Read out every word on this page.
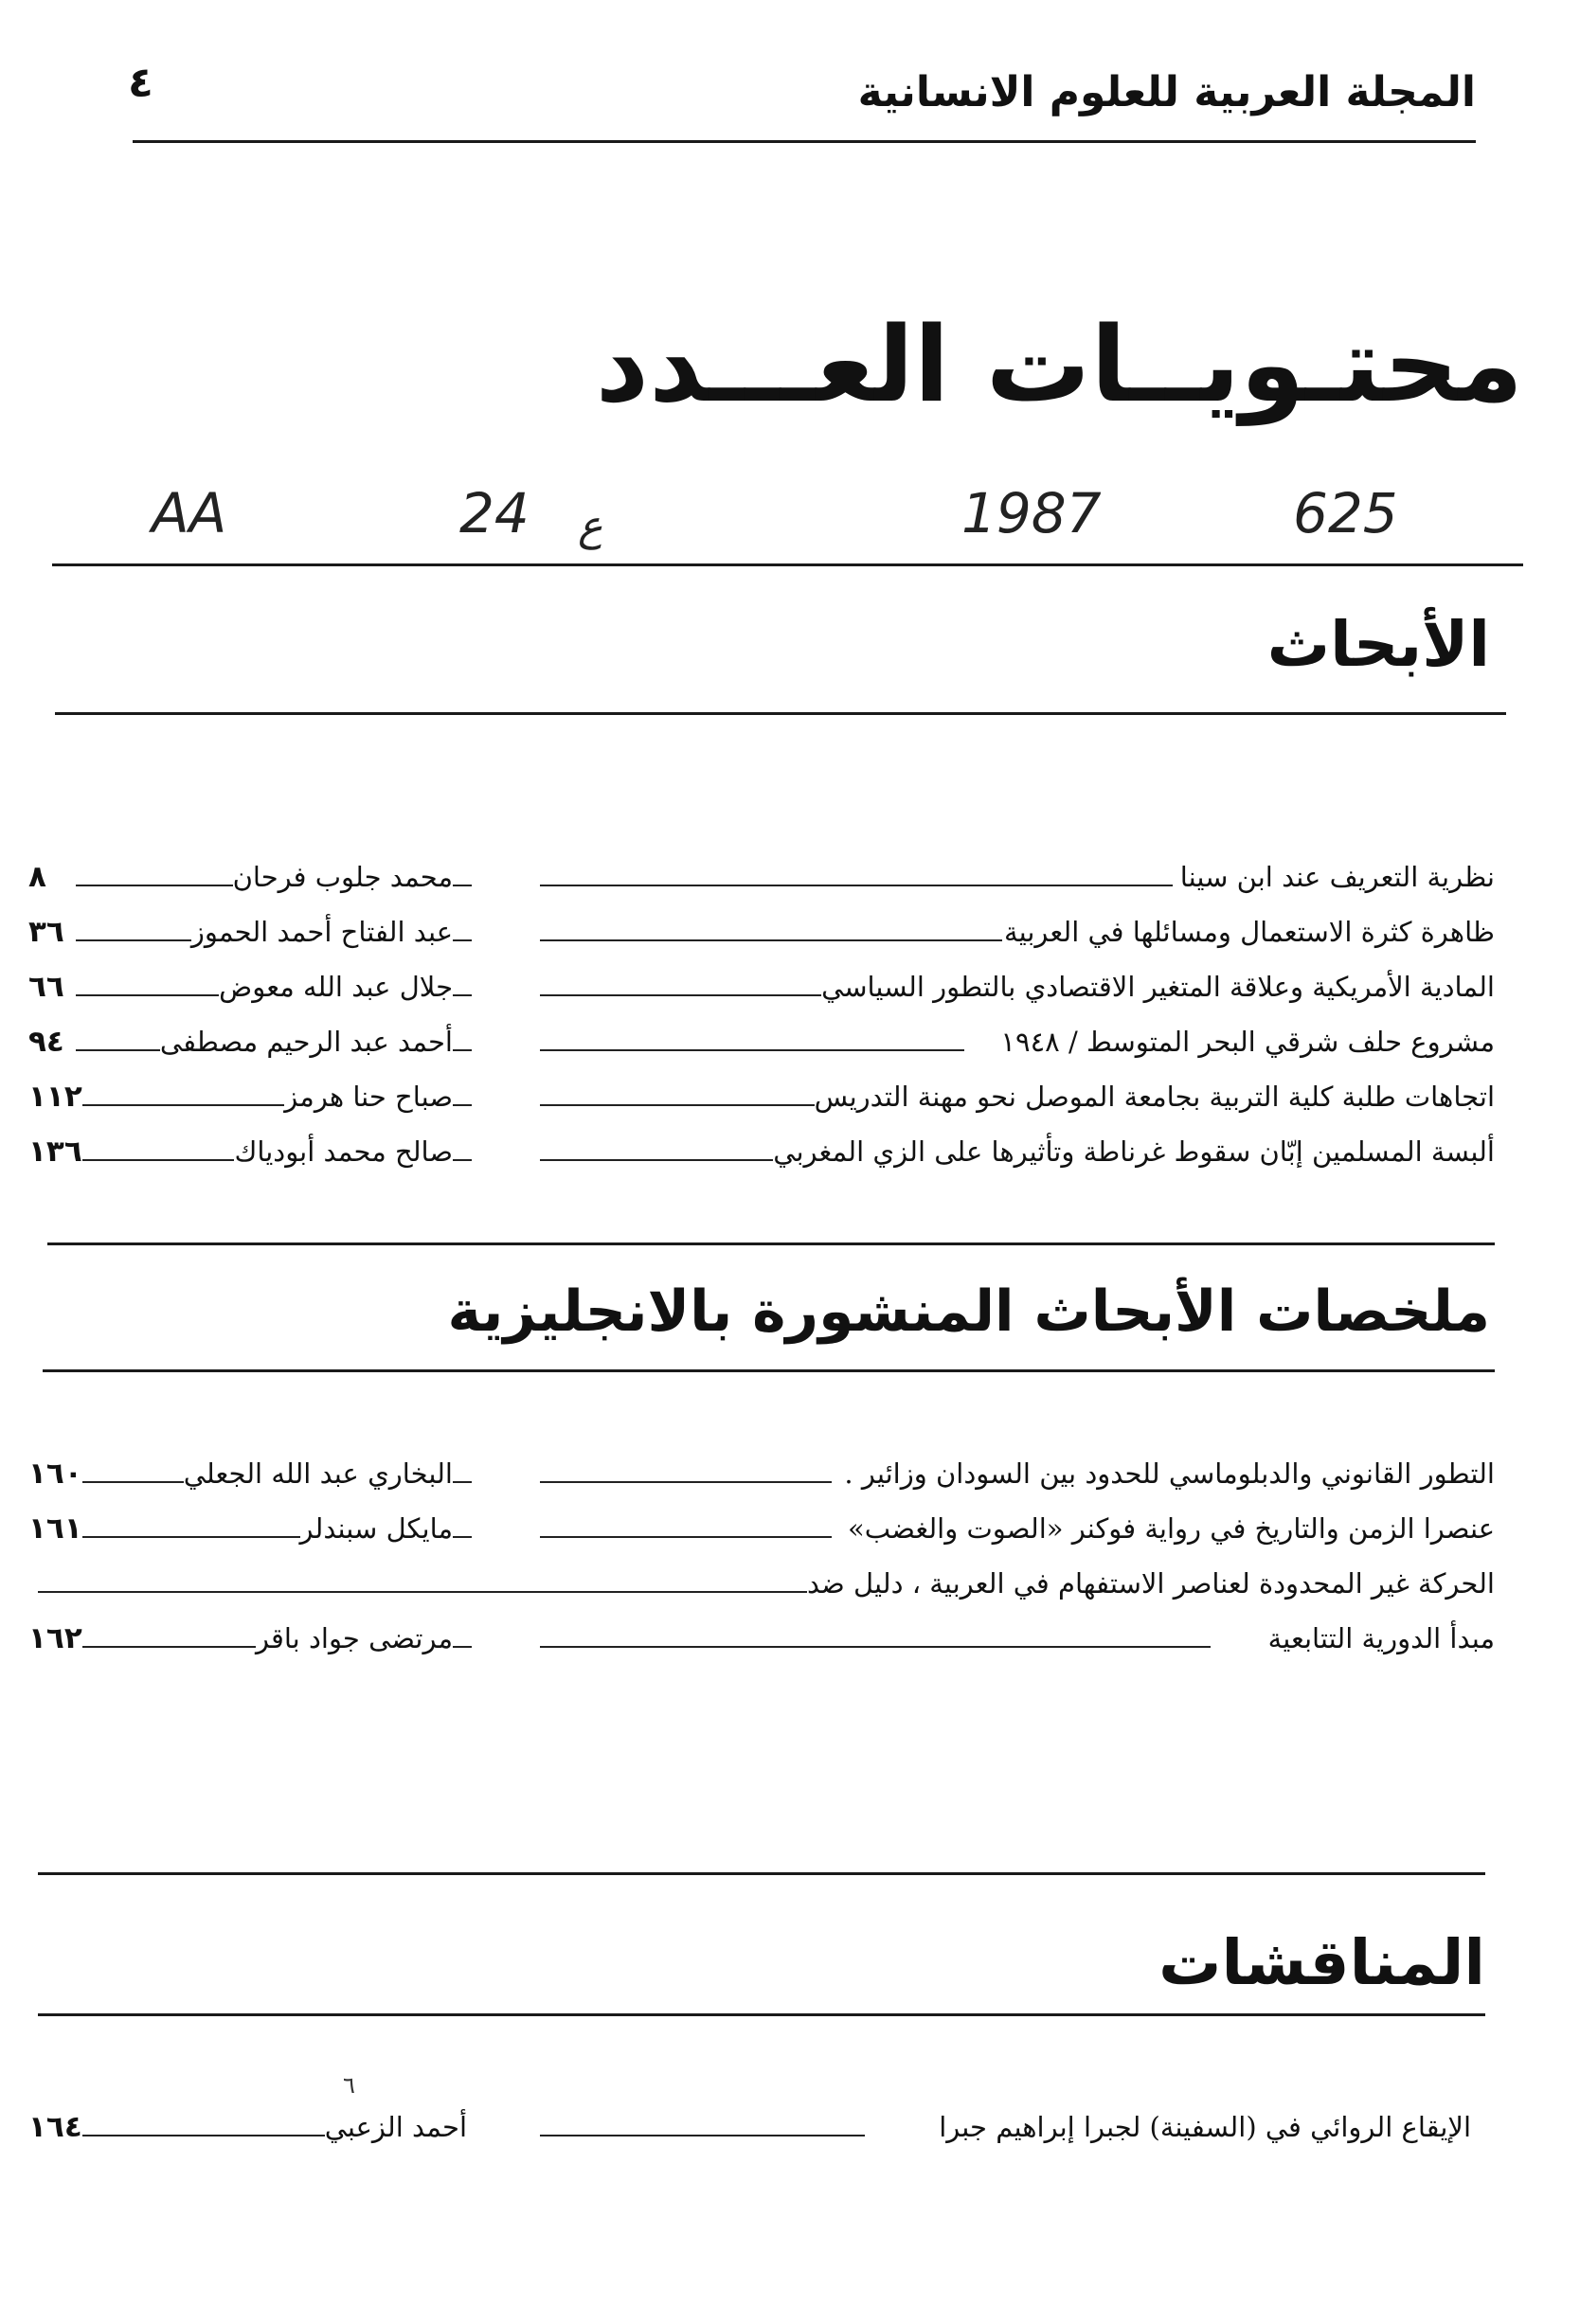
المجلة العربية للعلوم الانسانية
٤
محتـويــات العـــدد
625
1987
ع
24
AA
الأبحاث
نظرية التعريف عند ابن سينا
محمد جلوب فرحان
٨
ظاهرة كثرة الاستعمال ومسائلها في العربية
عبد الفتاح أحمد الحموز
٣٦
المادية الأمريكية وعلاقة المتغير الاقتصادي بالتطور السياسي
جلال عبد الله معوض
٦٦
مشروع حلف شرقي البحر المتوسط / ١٩٤٨
أحمد عبد الرحيم مصطفى
٩٤
اتجاهات طلبة كلية التربية بجامعة الموصل نحو مهنة التدريس
صباح حنا هرمز
١١٢
ألبسة المسلمين إبّان سقوط غرناطة وتأثيرها على الزي المغربي
صالح محمد أبودياك
١٣٦
ملخصات الأبحاث المنشورة بالانجليزية
التطور القانوني والدبلوماسي للحدود بين السودان وزائير .
البخاري عبد الله الجعلي
١٦٠
عنصرا الزمن والتاريخ في رواية فوكنر «الصوت والغضب»
مايكل سبندلر
١٦١
الحركة غير المحدودة لعناصر الاستفهام في العربية ، دليل ضد
مبدأ الدورية التتابعية
مرتضى جواد باقر
١٦٢
المناقشات
٦
الإيقاع الروائي في (السفينة) لجبرا إبراهيم جبرا
أحمد الزعبي
١٦٤
